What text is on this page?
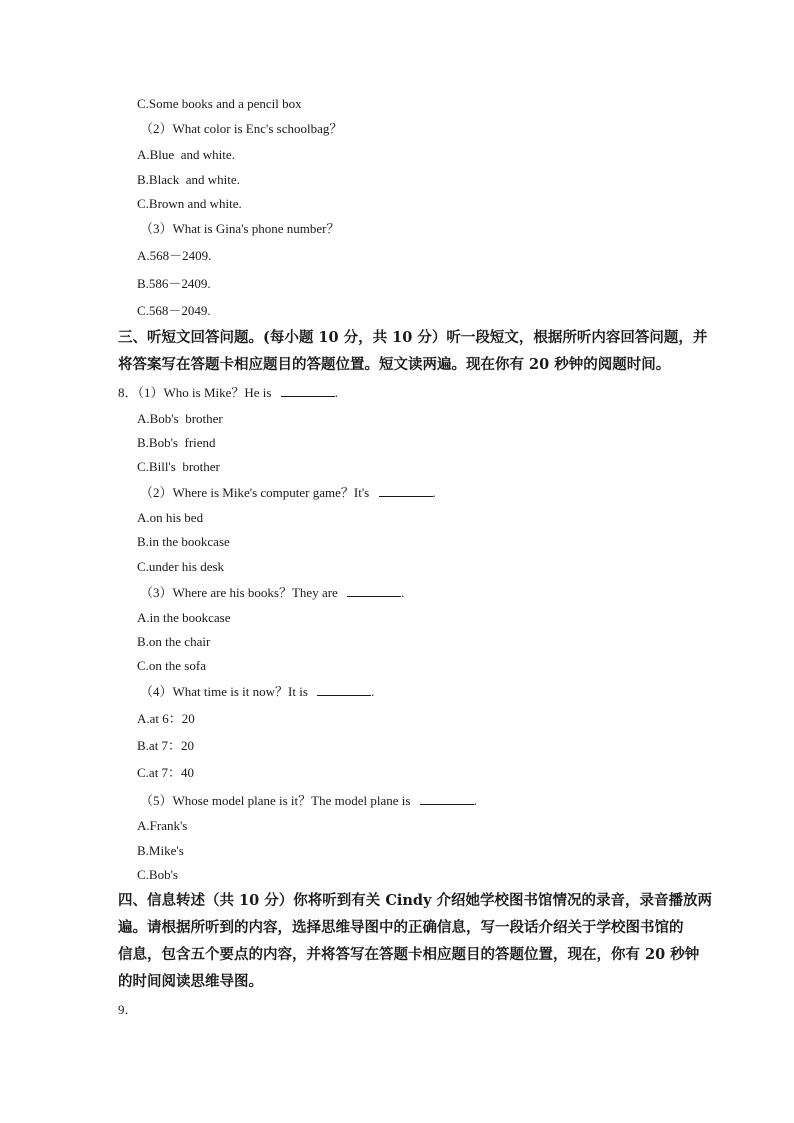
C.Some books and a pencil box
（2）What color is Enc's schoolbag？
A.Blue  and white.
B.Black  and white.
C.Brown and white.
（3）What is Gina's phone number？
A.568－2409.
B.586－2409.
C.568－2049.
三、听短文回答问题。(每小题 10 分，共 10 分）听一段短文，根据所听内容回答问题，并
将答案写在答题卡相应题目的答题位置。短文读两遍。现在你有 20 秒钟的阅题时间。
8．（1）Who is Mike？He is	.
A.Bob's  brother
B.Bob's  friend
C.Bill's  brother
（2）Where is Mike's computer game？It's	.
A.on his bed
B.in the bookcase
C.under his desk
（3）Where are his books？They are	.
A.in the bookcase
B.on the chair
C.on the sofa
（4）What time is it now？It is	.
A.at 6：20
B.at 7：20
C.at 7：40
（5）Whose model plane is it？The model plane is	.
A.Frank's
B.Mike's
C.Bob's
四、信息转述（共 10 分）你将听到有关 Cindy 介绍她学校图书馆情况的录音，录音播放两
遍。请根据所听到的内容，选择思维导图中的正确信息，写一段话介绍关于学校图书馆的
信息，包含五个要点的内容，并将答写在答题卡相应题目的答题位置，现在，你有 20 秒钟
的时间阅读思维导图。
9．
